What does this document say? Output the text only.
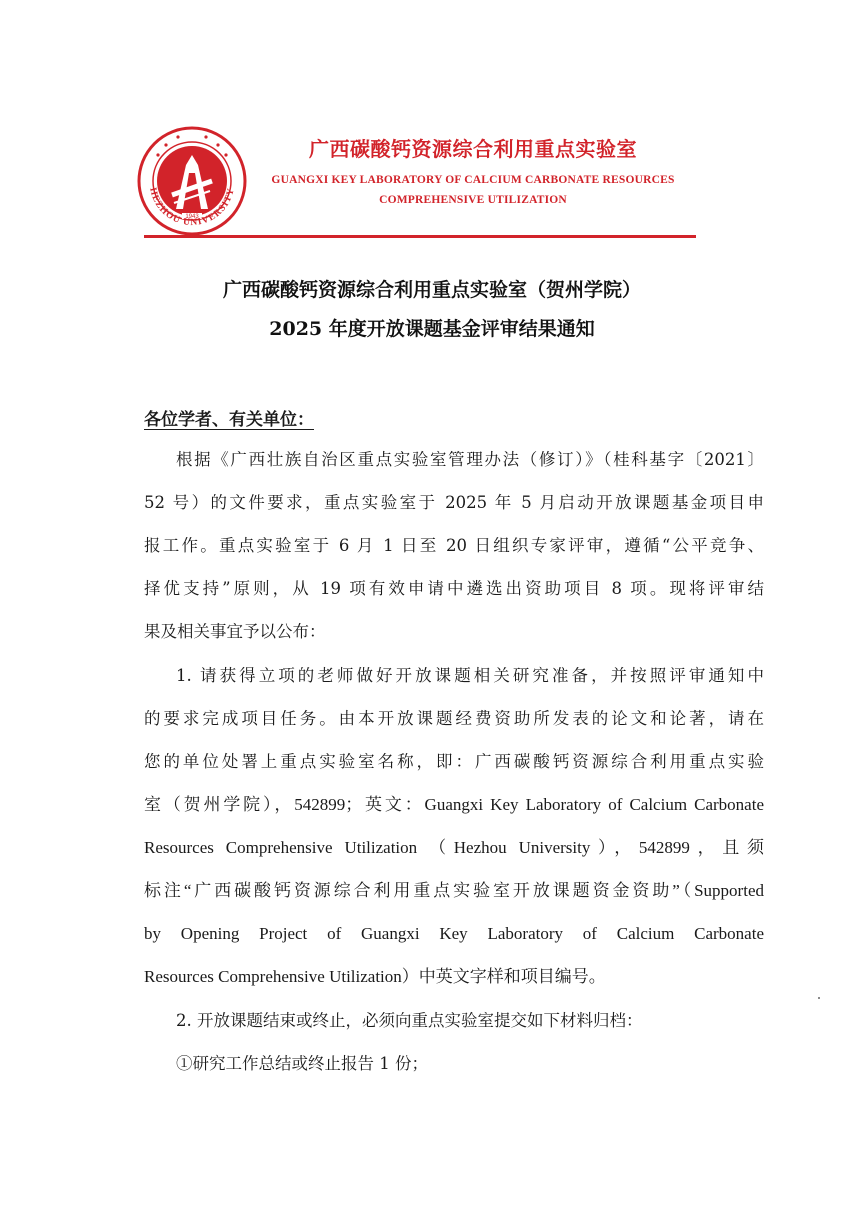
HEZHOU UNIVERSITY
1943
广西碳酸钙资源综合利用重点实验室
GUANGXI KEY LABORATORY OF CALCIUM CARBONATE RESOURCES
COMPREHENSIVE UTILIZATION
广西碳酸钙资源综合利用重点实验室（贺州学院）
2025 年度开放课题基金评审结果通知
各位学者、有关单位：
根据《广西壮族自治区重点实验室管理办法（修订）》（桂科基字〔2021〕
52 号）的文件要求，重点实验室于 2025 年 5 月启动开放课题基金项目申
报工作。重点实验室于 6 月 1 日至 20 日组织专家评审，遵循“公平竞争、
择优支持”原则，从 19 项有效申请中遴选出资助项目 8 项。现将评审结
果及相关事宜予以公布：
1. 请获得立项的老师做好开放课题相关研究准备，并按照评审通知中
的要求完成项目任务。由本开放课题经费资助所发表的论文和论著，请在
您的单位处署上重点实验室名称，即：广西碳酸钙资源综合利用重点实验
室（贺州学院），542899；英文：Guangxi Key Laboratory of Calcium Carbonate
Resources Comprehensive Utilization （Hezhou University），542899，且须
标注“广西碳酸钙资源综合利用重点实验室开放课题资金资助”（Supported
by Opening Project of Guangxi Key Laboratory of Calcium Carbonate
Resources Comprehensive Utilization）中英文字样和项目编号。
2. 开放课题结束或终止，必须向重点实验室提交如下材料归档：
①研究工作总结或终止报告 1 份；
